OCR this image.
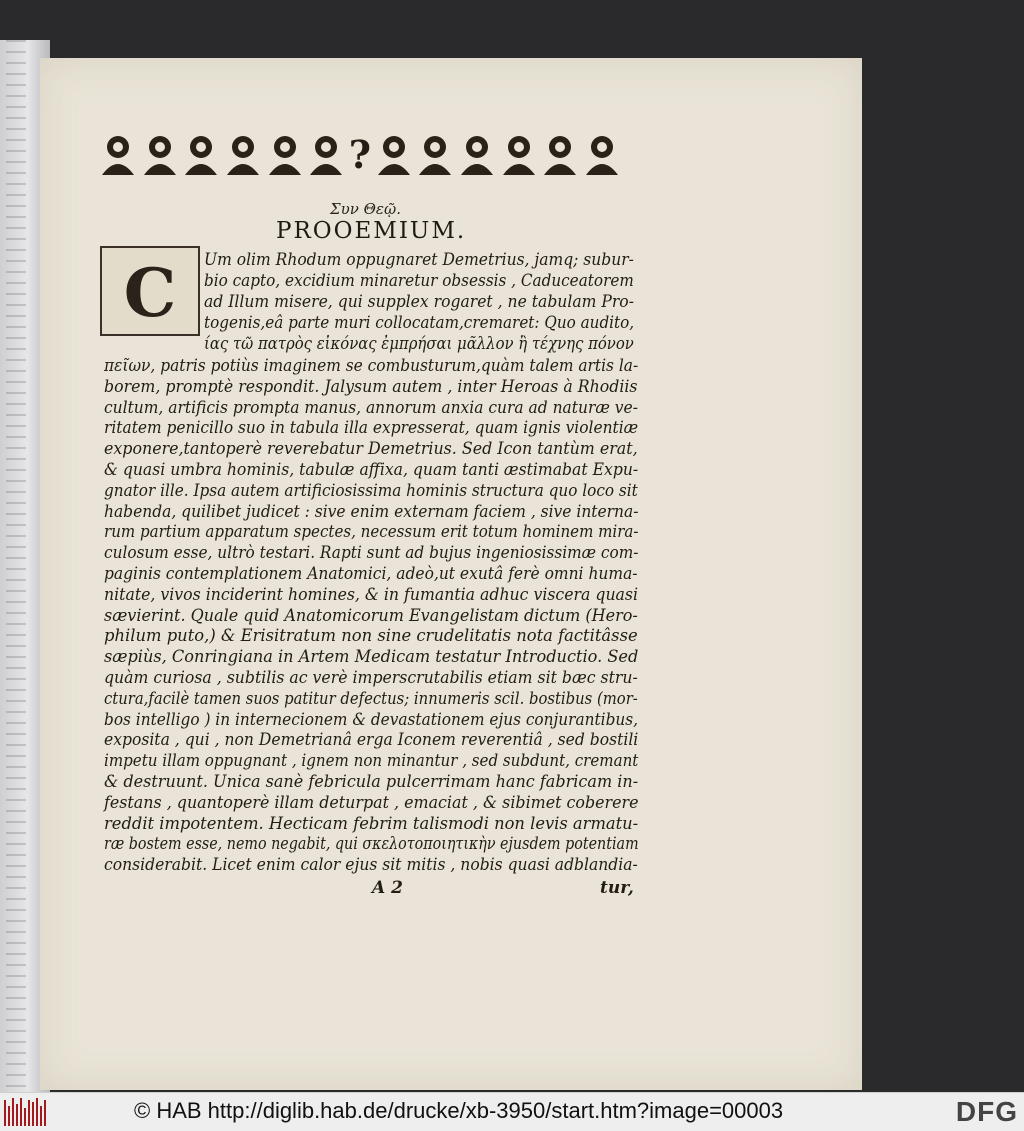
?
Συν Θεῷ.
PROOEMIUM.
C	Um olim Rhodum oppugnaret Demetrius, jamq; subur-
bio capto, excidium minaretur obsessis , Caduceatorem
ad Illum misere, qui supplex rogaret , ne tabulam Pro-
togenis,eâ parte muri collocatam,cremaret: Quo audito,
ίας τῶ πατρὸς εἰκόνας ἐμπρήσαι μᾶλλον ἢ τέχνης πόνον
πεῖων, patris potiùs imaginem se combusturum,quàm talem artis la-
borem, promptè respondit. Jalysum autem , inter Heroas à Rhodiis
cultum, artificis prompta manus, annorum anxia cura ad naturæ ve-
ritatem penicillo suo in tabula illa expresserat, quam ignis violentiæ
exponere,tantoperè reverebatur Demetrius. Sed Icon tantùm erat,
& quasi umbra hominis, tabulæ affixa, quam tanti æstimabat Expu-
gnator ille. Ipsa autem artificiosissima hominis structura quo loco sit
habenda, quilibet judicet : sive enim externam faciem , sive interna-
rum partium apparatum spectes, necessum erit totum hominem mira-
culosum esse, ultrò testari. Rapti sunt ad bujus ingeniosissimæ com-
paginis contemplationem Anatomici, adeò,ut exutâ ferè omni huma-
nitate, vivos inciderint homines, & in fumantia adhuc viscera quasi
sævierint. Quale quid Anatomicorum Evangelistam dictum (Hero-
philum puto,) & Erisitratum non sine crudelitatis nota factitâsse
sæpiùs, Conringiana in Artem Medicam testatur Introductio. Sed
quàm curiosa , subtilis ac verè imperscrutabilis etiam sit bæc stru-
ctura,facilè tamen suos patitur defectus; innumeris scil. bostibus (mor-
bos intelligo ) in internecionem & devastationem ejus conjurantibus,
exposita , qui , non Demetrianâ erga Iconem reverentiâ , sed bostili
impetu illam oppugnant , ignem non minantur , sed subdunt, cremant
& destruunt. Unica sanè febricula pulcerrimam hanc fabricam in-
festans , quantoperè illam deturpat , emaciat , & sibimet coberere
reddit impotentem. Hecticam febrim talismodi non levis armatu-
ræ bostem esse, nemo negabit, qui σκελοτοποιητικὴν ejusdem potentiam
considerabit. Licet enim calor ejus sit mitis , nobis quasi adblandia-
A 2	tur,
© HAB http://diglib.hab.de/drucke/xb-3950/start.htm?image=00003	DFG
